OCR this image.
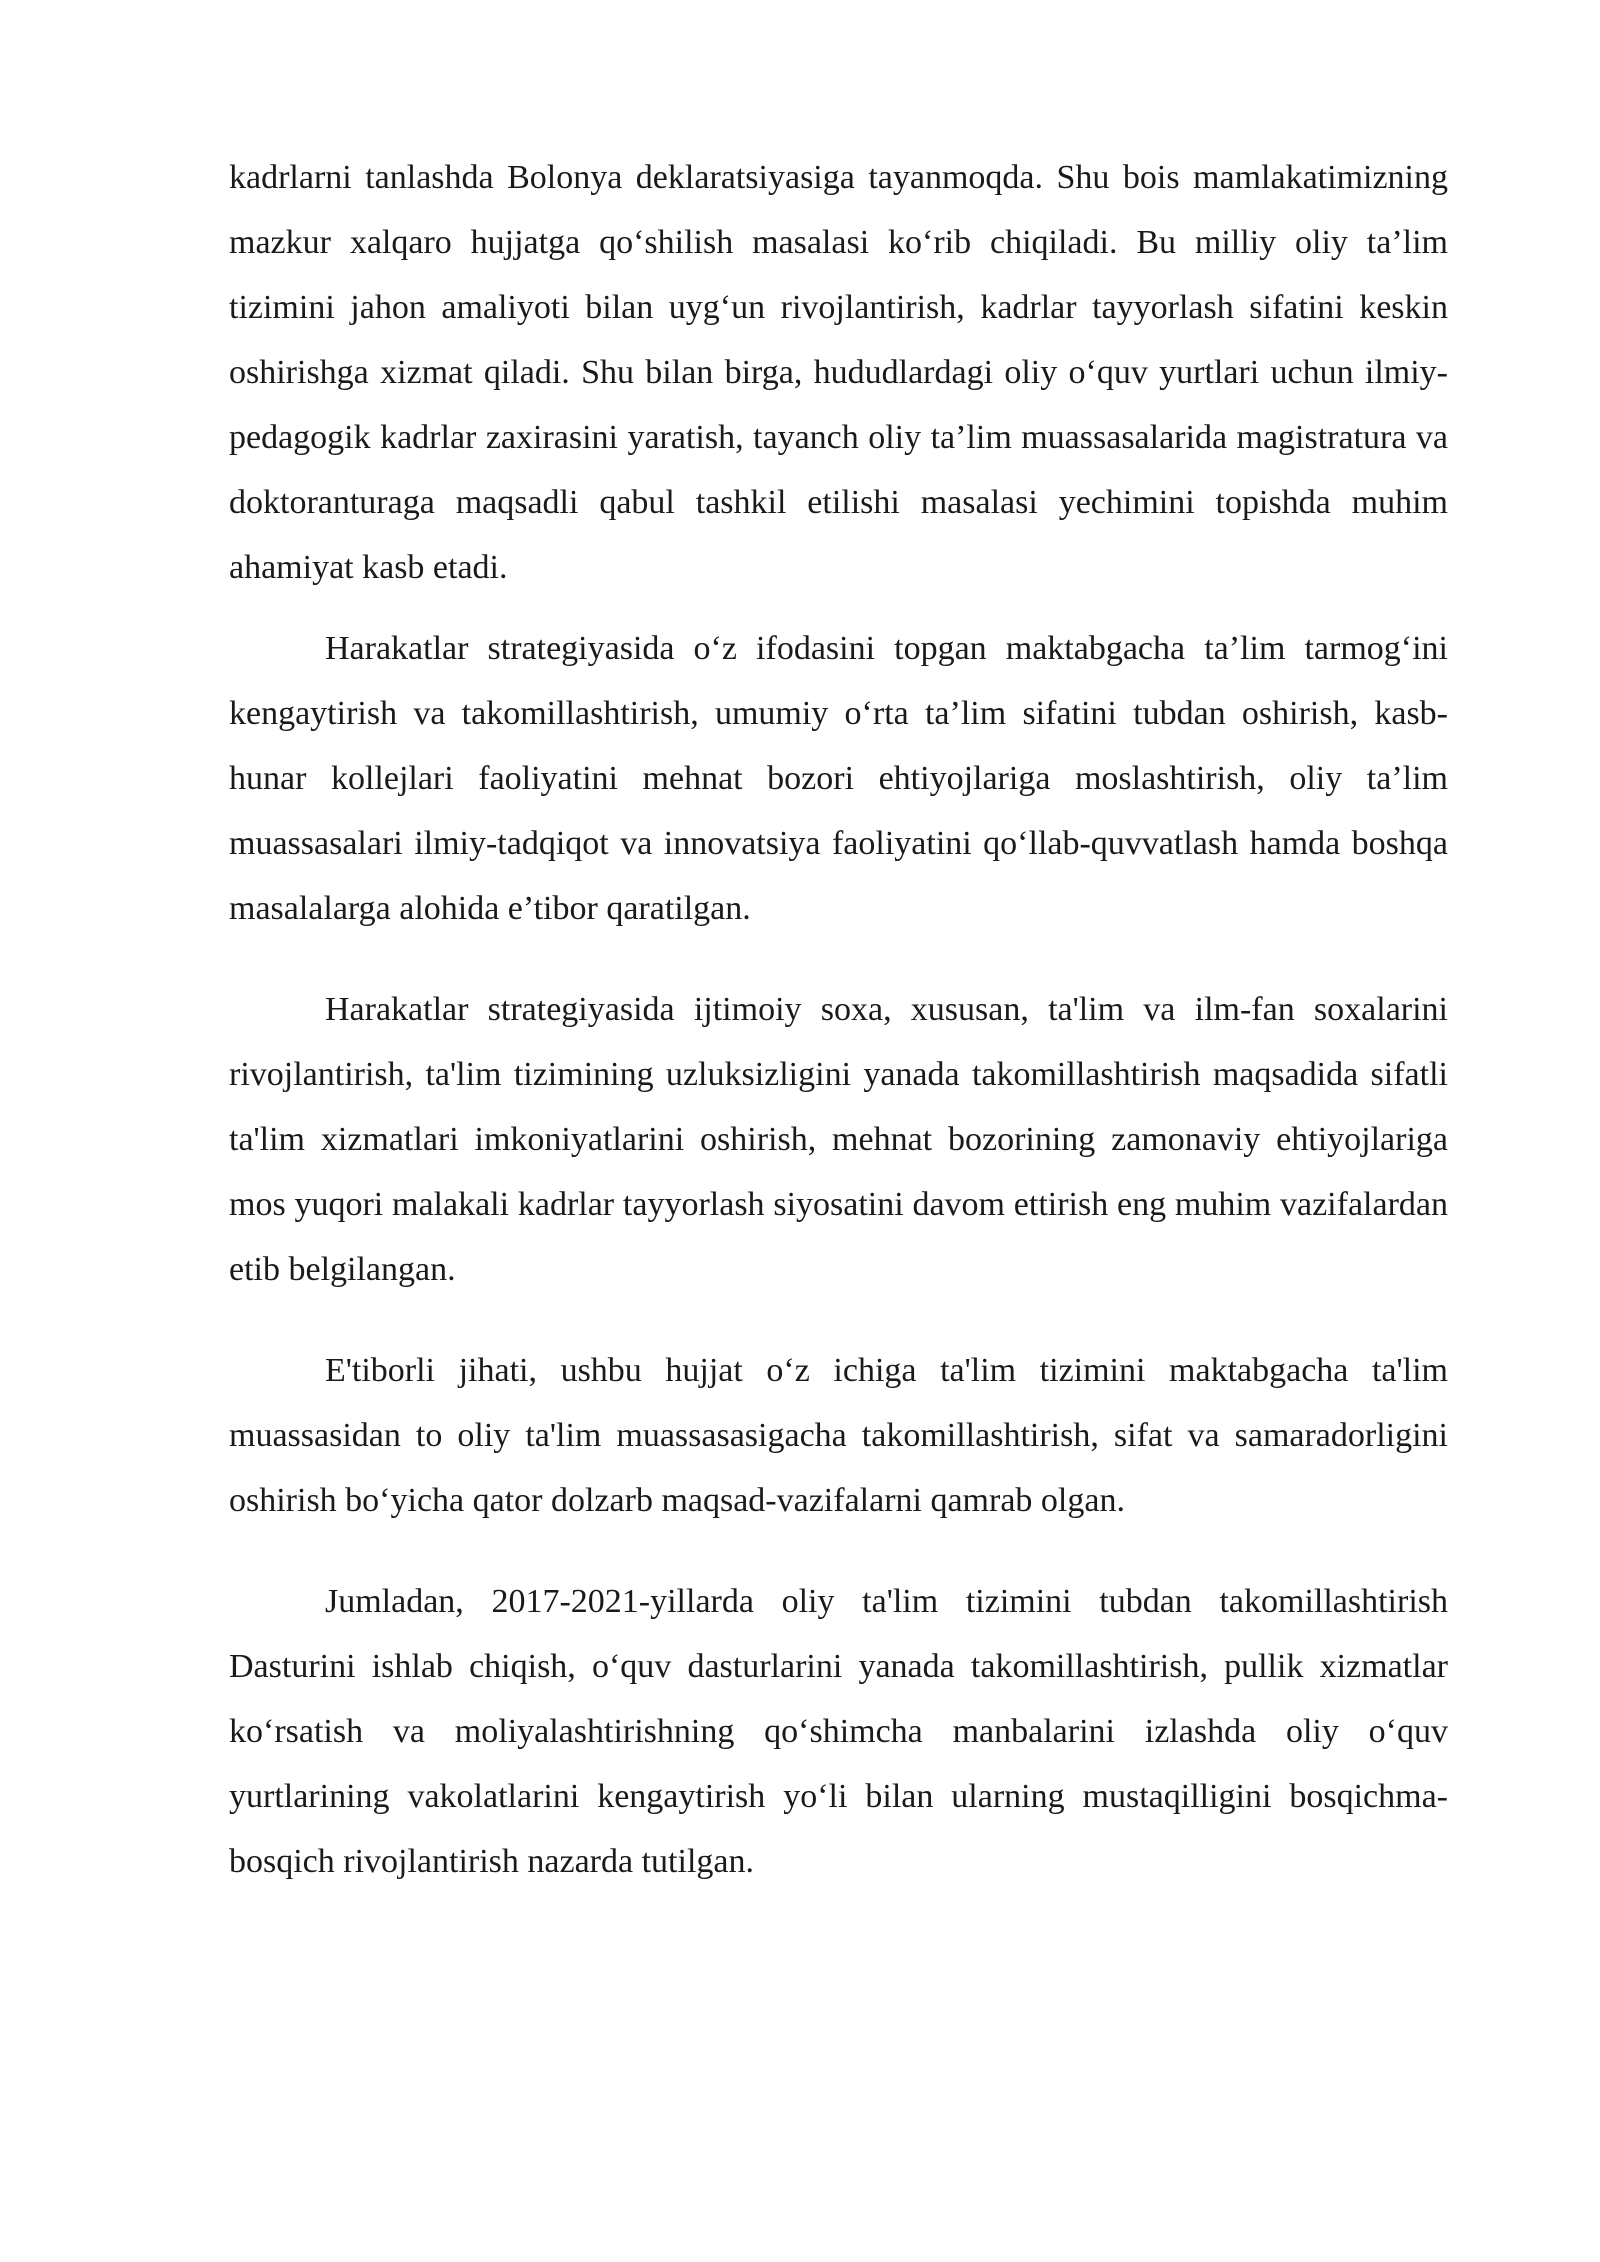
kadrlarni tanlashda Bolonya deklaratsiyasiga tayanmoqda. Shu bois mamlakatimizning mazkur xalqaro hujjatga qo‘shilish masalasi ko‘rib chiqiladi. Bu milliy oliy ta’lim tizimini jahon amaliyoti bilan uyg‘un rivojlantirish, kadrlar tayyorlash sifatini keskin oshirishga xizmat qiladi. Shu bilan birga, hududlardagi oliy o‘quv yurtlari uchun ilmiy-pedagogik kadrlar zaxirasini yaratish, tayanch oliy ta’lim muassasalarida magistratura va doktoranturaga maqsadli qabul tashkil etilishi masalasi yechimini topishda muhim ahamiyat kasb etadi.

Harakatlar strategiyasida o‘z ifodasini topgan maktabgacha ta’lim tarmog‘ini kengaytirish va takomillashtirish, umumiy o‘rta ta’lim sifatini tubdan oshirish, kasb-hunar kollejlari faoliyatini mehnat bozori ehtiyojlariga moslashtirish, oliy ta’lim muassasalari ilmiy-tadqiqot va innovatsiya faoliyatini qo‘llab-quvvatlash hamda boshqa masalalarga alohida e’tibor qaratilgan.

Harakatlar strategiyasida ijtimoiy soxa, xususan, ta'lim va ilm-fan soxalarini rivojlantirish, ta'lim tizimining uzluksizligini yanada takomillashtirish maqsadida sifatli ta'lim xizmatlari imkoniyatlarini oshirish, mehnat bozorining zamonaviy ehtiyojlariga mos yuqori malakali kadrlar tayyorlash siyosatini davom ettirish eng muhim vazifalardan etib belgilangan.

E'tiborli jihati, ushbu hujjat o‘z ichiga ta'lim tizimini maktabgacha ta'lim muassasidan to oliy ta'lim muassasasigacha takomillashtirish, sifat va samaradorligini oshirish bo‘yicha qator dolzarb maqsad-vazifalarni qamrab olgan.

Jumladan, 2017-2021-yillarda oliy ta'lim tizimini tubdan takomillashtirish Dasturini ishlab chiqish, o‘quv dasturlarini yanada takomillashtirish, pullik xizmatlar ko‘rsatish va moliyalashtirishning qo‘shimcha manbalarini izlashda oliy o‘quv yurtlarining vakolatlarini kengaytirish yo‘li bilan ularning mustaqilligini bosqichma-bosqich rivojlantirish nazarda tutilgan.
